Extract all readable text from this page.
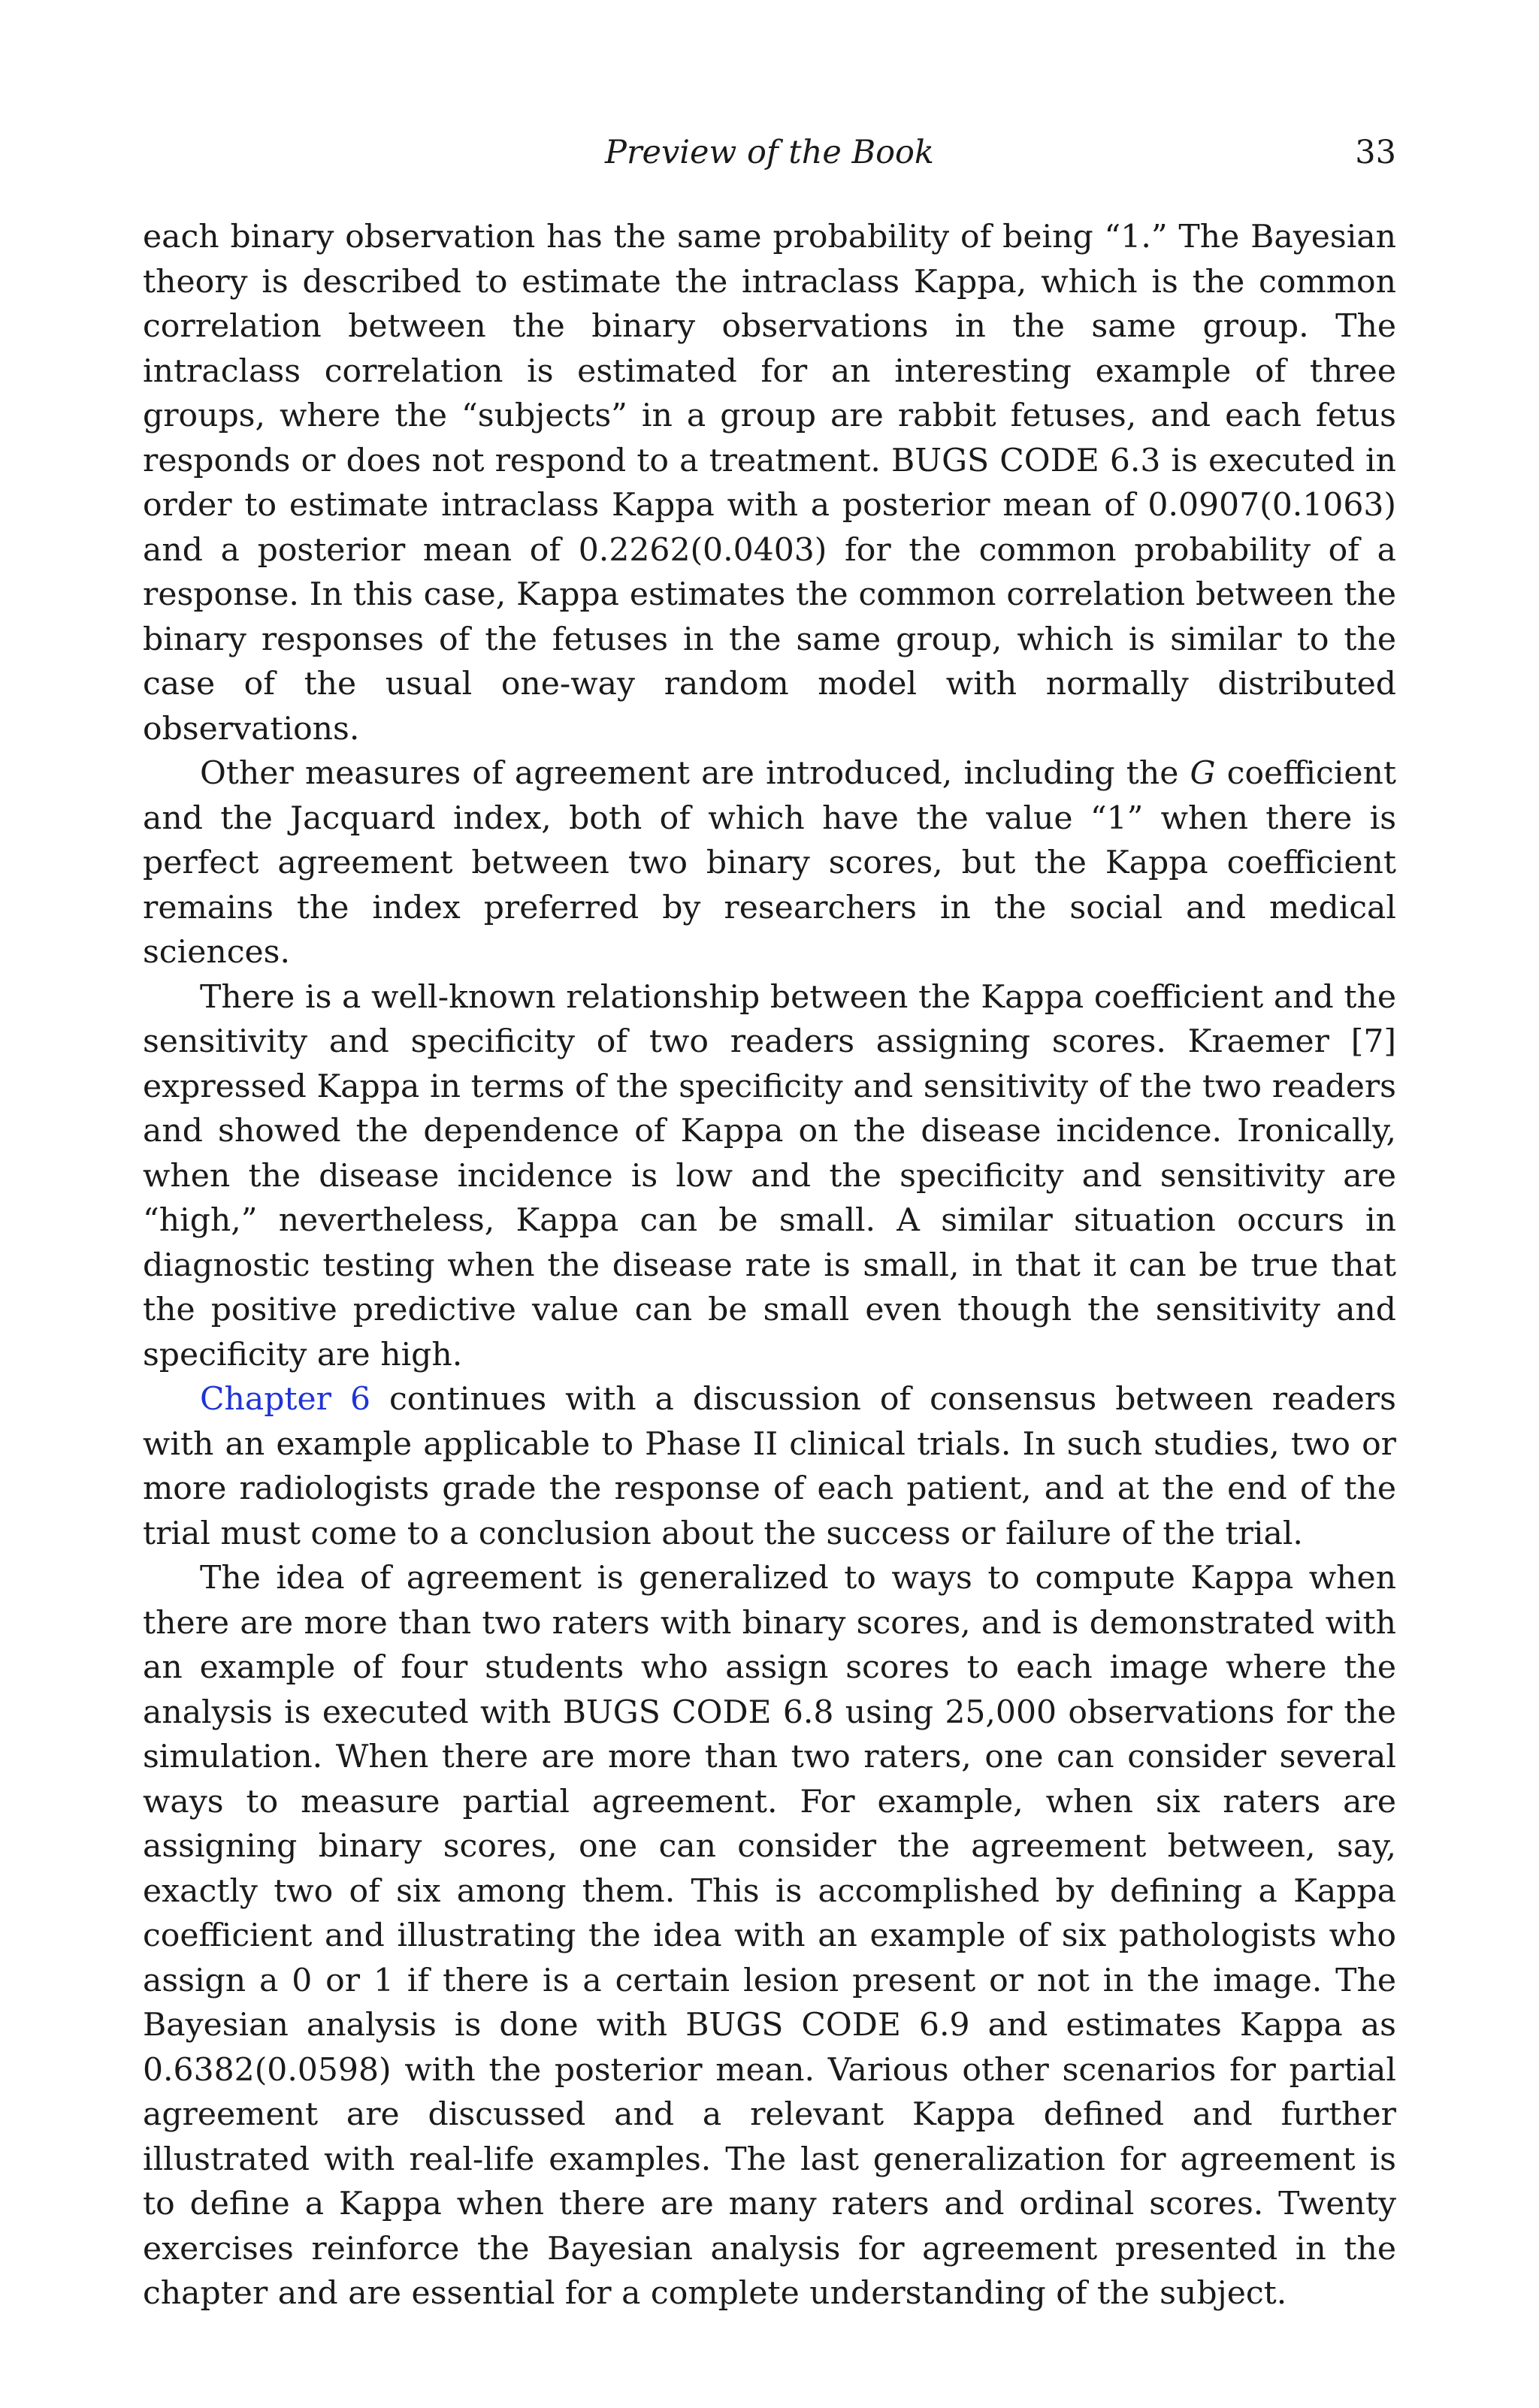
Preview of the Book	33

each binary observation has the same probability of being “1.” The Bayesian theory is described to estimate the intraclass Kappa, which is the common correlation between the binary observations in the same group. The intraclass correlation is estimated for an interesting example of three groups, where the “subjects” in a group are rabbit fetuses, and each fetus responds or does not respond to a treatment. BUGS CODE 6.3 is executed in order to estimate intraclass Kappa with a posterior mean of 0.0907(0.1063) and a posterior mean of 0.2262(0.0403) for the common probability of a response. In this case, Kappa estimates the common correlation between the binary responses of the fetuses in the same group, which is similar to the case of the usual one-way random model with normally distributed observations.

Other measures of agreement are introduced, including the G coefficient and the Jacquard index, both of which have the value “1” when there is perfect agreement between two binary scores, but the Kappa coefficient remains the index preferred by researchers in the social and medical sciences.

There is a well-known relationship between the Kappa coefficient and the sensitivity and specificity of two readers assigning scores. Kraemer [7] expressed Kappa in terms of the specificity and sensitivity of the two readers and showed the dependence of Kappa on the disease incidence. Ironically, when the disease incidence is low and the specificity and sensitivity are “high,” nevertheless, Kappa can be small. A similar situation occurs in diagnostic testing when the disease rate is small, in that it can be true that the positive predictive value can be small even though the sensitivity and specificity are high.

Chapter 6 continues with a discussion of consensus between readers with an example applicable to Phase II clinical trials. In such studies, two or more radiologists grade the response of each patient, and at the end of the trial must come to a conclusion about the success or failure of the trial.

The idea of agreement is generalized to ways to compute Kappa when there are more than two raters with binary scores, and is demonstrated with an example of four students who assign scores to each image where the analysis is executed with BUGS CODE 6.8 using 25,000 observations for the simulation. When there are more than two raters, one can consider several ways to measure partial agreement. For example, when six raters are assigning binary scores, one can consider the agreement between, say, exactly two of six among them. This is accomplished by defining a Kappa coefficient and illustrating the idea with an example of six pathologists who assign a 0 or 1 if there is a certain lesion present or not in the image. The Bayesian analysis is done with BUGS CODE 6.9 and estimates Kappa as 0.6382(0.0598) with the posterior mean. Various other scenarios for partial agreement are discussed and a relevant Kappa defined and further illustrated with real-life examples. The last generalization for agreement is to define a Kappa when there are many raters and ordinal scores. Twenty exercises reinforce the Bayesian analysis for agreement presented in the chapter and are essential for a complete understanding of the subject.
